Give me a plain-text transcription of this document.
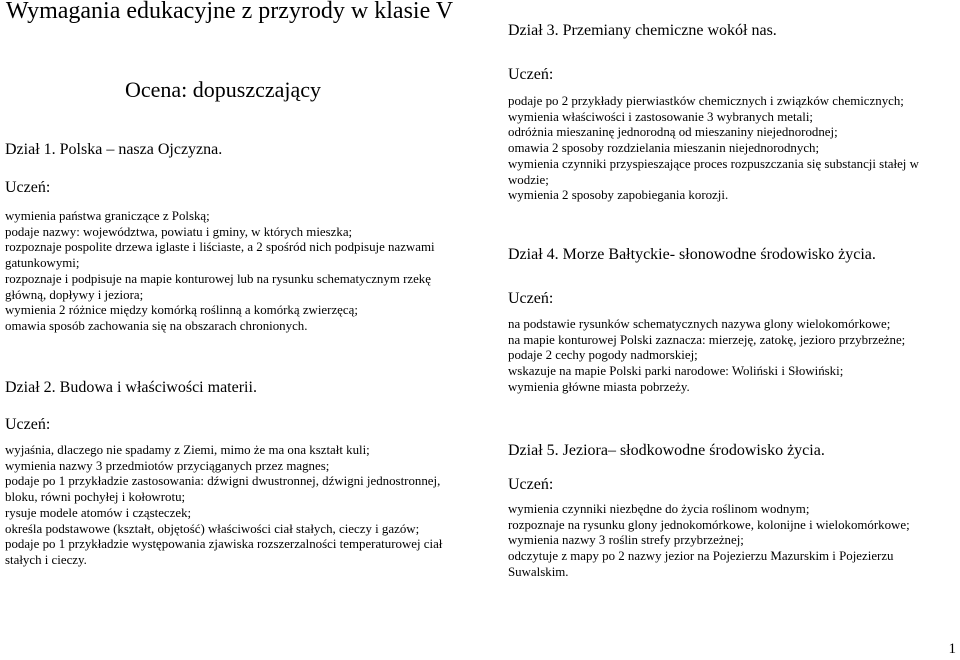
Wymagania edukacyjne z przyrody w klasie V
Ocena: dopuszczający
Dział 1. Polska – nasza Ojczyzna.
Uczeń:
wymienia państwa graniczące z Polską;
podaje nazwy: województwa, powiatu i gminy, w których mieszka;
rozpoznaje pospolite drzewa iglaste i liściaste, a 2 spośród nich podpisuje nazwami gatunkowymi;
rozpoznaje i podpisuje na mapie konturowej lub na rysunku schematycznym rzekę główną, dopływy i jeziora;
wymienia 2 różnice między komórką roślinną a komórką zwierzęcą;
omawia sposób zachowania się na obszarach chronionych.
Dział 2. Budowa i właściwości materii.
Uczeń:
wyjaśnia, dlaczego nie spadamy z Ziemi, mimo że ma ona kształt kuli;
wymienia nazwy 3 przedmiotów przyciąganych przez magnes;
podaje po 1 przykładzie zastosowania: dźwigni dwustronnej, dźwigni jednostronnej, bloku, równi pochyłej i kołowrotu;
rysuje modele atomów i cząsteczek;
określa podstawowe (kształt, objętość) właściwości ciał stałych, cieczy i gazów;
podaje po 1 przykładzie występowania zjawiska rozszerzalności temperaturowej ciał stałych i cieczy.
Dział 3. Przemiany chemiczne wokół nas.
Uczeń:
podaje po 2 przykłady pierwiastków chemicznych i związków chemicznych;
wymienia właściwości i zastosowanie 3 wybranych metali;
odróżnia mieszaninę jednorodną od mieszaniny niejednorodnej;
omawia 2 sposoby rozdzielania mieszanin niejednorodnych;
wymienia czynniki przyspieszające proces rozpuszczania się substancji stałej w wodzie;
wymienia 2 sposoby zapobiegania korozji.
Dział 4. Morze Bałtyckie- słonowodne środowisko życia.
Uczeń:
na podstawie rysunków schematycznych nazywa glony wielokomórkowe;
na mapie konturowej Polski zaznacza: mierzeję, zatokę, jezioro przybrzeżne;
podaje 2 cechy pogody nadmorskiej;
wskazuje na mapie Polski parki narodowe: Woliński i Słowiński;
wymienia główne miasta pobrzeży.
Dział 5. Jeziora– słodkowodne środowisko życia.
Uczeń:
wymienia czynniki niezbędne do życia roślinom wodnym;
rozpoznaje na rysunku glony jednokomórkowe, kolonijne i wielokomórkowe;
wymienia nazwy 3 roślin strefy przybrzeżnej;
odczytuje z mapy po 2 nazwy jezior na Pojezierzu Mazurskim i Pojezierzu Suwalskim.
1
